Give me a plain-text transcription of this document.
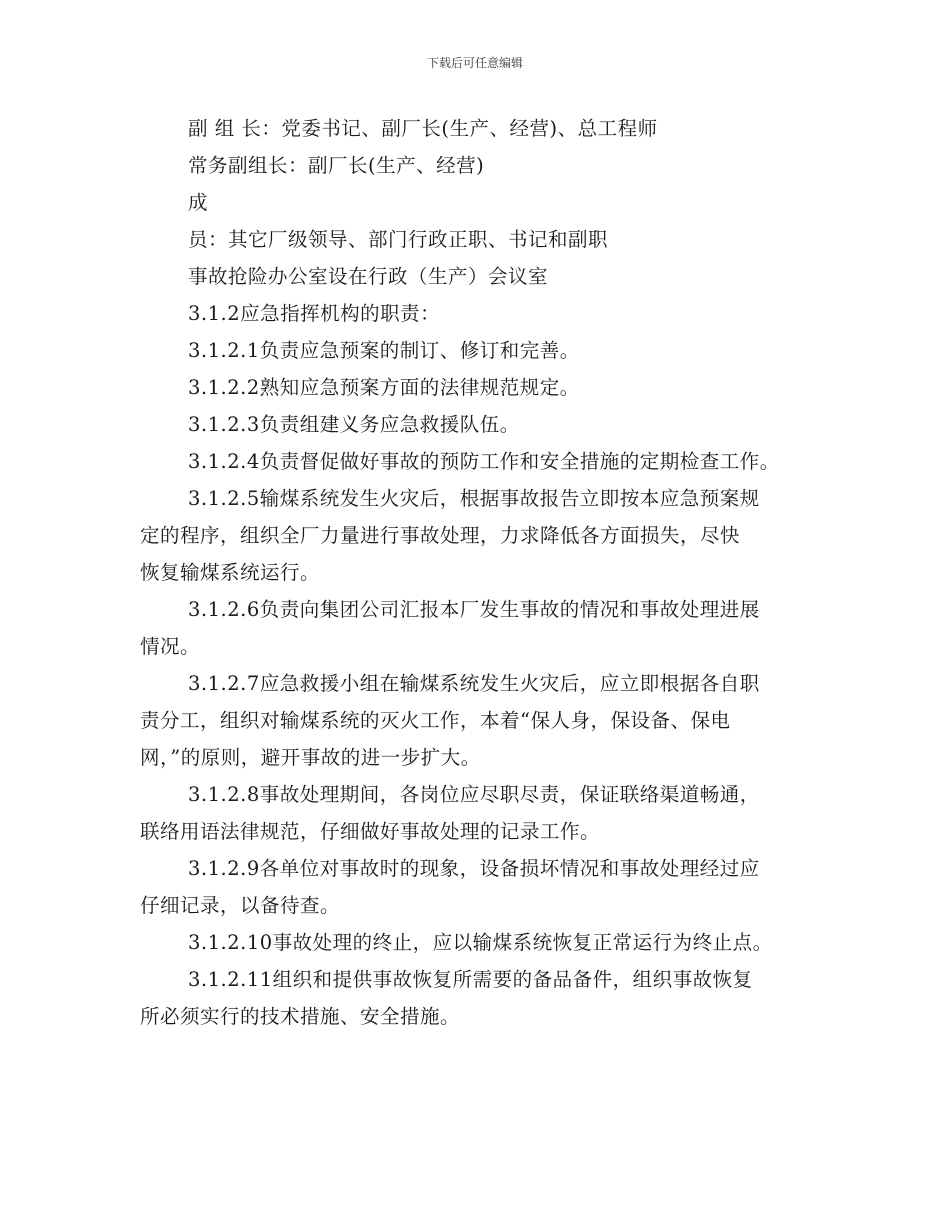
下载后可任意编辑
副 组 长：党委书记、副厂长(生产、经营)、总工程师
常务副组长：副厂长(生产、经营)
成
员：其它厂级领导、部门行政正职、书记和副职
事故抢险办公室设在行政（生产）会议室
3.1.2应急指挥机构的职责：
3.1.2.1负责应急预案的制订、修订和完善。
3.1.2.2熟知应急预案方面的法律规范规定。
3.1.2.3负责组建义务应急救援队伍。
3.1.2.4负责督促做好事故的预防工作和安全措施的定期检查工作。
3.1.2.5输煤系统发生火灾后，根据事故报告立即按本应急预案规
定的程序，组织全厂力量进行事故处理，力求降低各方面损失，尽快
恢复输煤系统运行。
3.1.2.6负责向集团公司汇报本厂发生事故的情况和事故处理进展
情况。
3.1.2.7应急救援小组在输煤系统发生火灾后，应立即根据各自职
责分工，组织对输煤系统的灭火工作，本着“保人身，保设备、保电
网，”的原则，避开事故的进一步扩大。
3.1.2.8事故处理期间，各岗位应尽职尽责，保证联络渠道畅通，
联络用语法律规范，仔细做好事故处理的记录工作。
3.1.2.9各单位对事故时的现象，设备损坏情况和事故处理经过应
仔细记录，以备待查。
3.1.2.10事故处理的终止，应以输煤系统恢复正常运行为终止点。
3.1.2.11组织和提供事故恢复所需要的备品备件，组织事故恢复
所必须实行的技术措施、安全措施。
